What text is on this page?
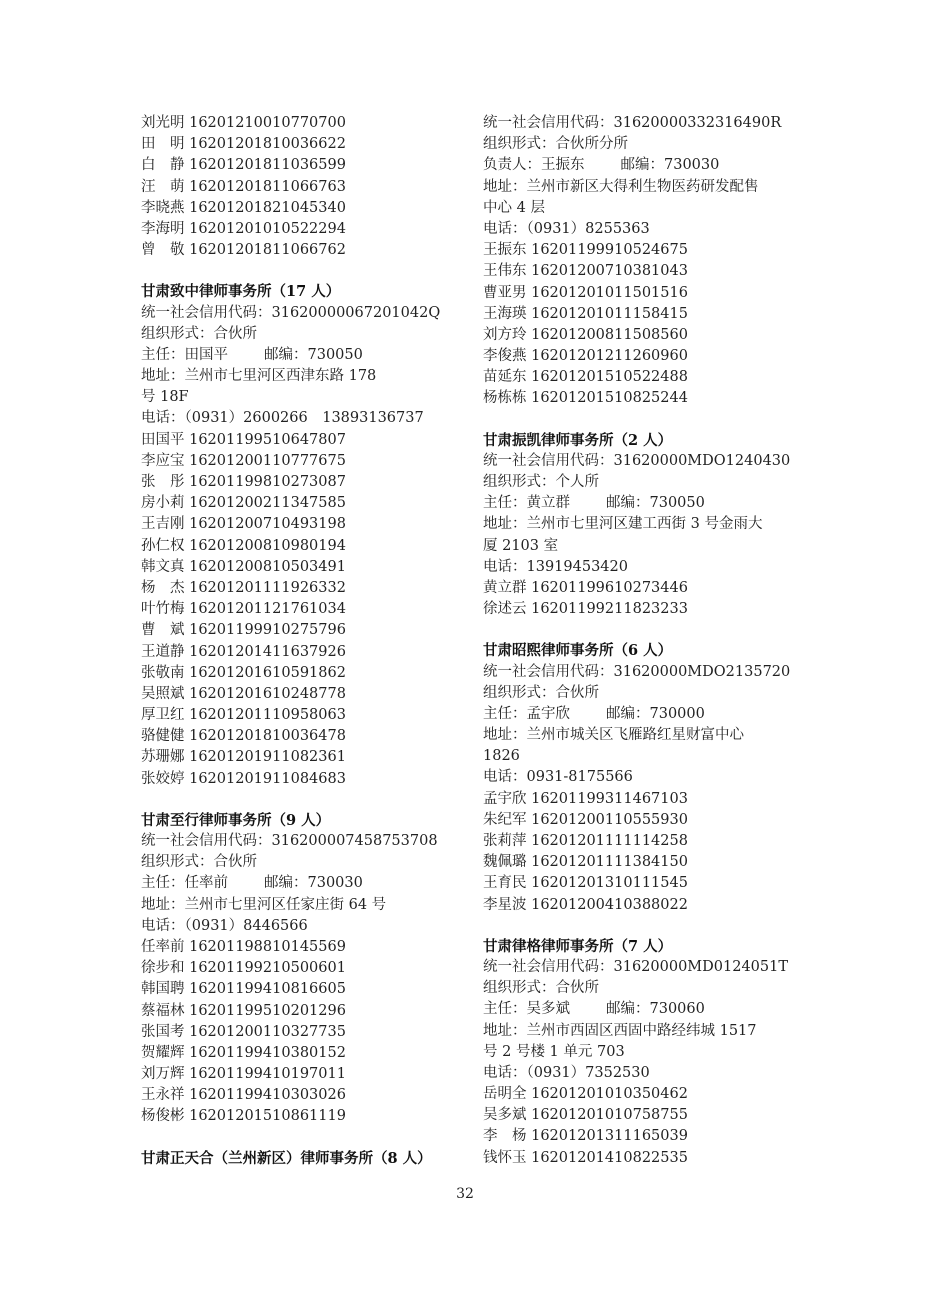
刘光明 16201210010770700
田　明 16201201810036622
白　静 16201201811036599
汪　萌 16201201811066763
李晓燕 16201201821045340
李海明 16201201010522294
曾　敬 16201201811066762
甘肃致中律师事务所（17 人）
统一社会信用代码：31620000067201042Q
组织形式：合伙所
主任：田国平 邮编：730050
地址：兰州市七里河区西津东路 178
号 18F
电话：（0931）2600266　13893136737
田国平 16201199510647807
李应宝 16201200110777675
张　彤 16201199810273087
房小莉 16201200211347585
王吉刚 16201200710493198
孙仁权 16201200810980194
韩文真 16201200810503491
杨　杰 16201201111926332
叶竹梅 16201201121761034
曹　斌 16201199910275796
王道静 16201201411637926
张敬南 16201201610591862
吴照斌 16201201610248778
厚卫红 16201201110958063
骆健健 16201201810036478
苏珊娜 16201201911082361
张姣婷 16201201911084683
甘肃至行律师事务所（9 人）
统一社会信用代码：316200007458753708
组织形式：合伙所
主任：任率前 邮编：730030
地址：兰州市七里河区任家庄街 64 号
电话：（0931）8446566
任率前 16201198810145569
徐步和 16201199210500601
韩国聘 16201199410816605
蔡福林 16201199510201296
张国考 16201200110327735
贺耀辉 16201199410380152
刘万辉 16201199410197011
王永祥 16201199410303026
杨俊彬 16201201510861119
甘肃正天合（兰州新区）律师事务所（8 人）
统一社会信用代码：31620000332316490R
组织形式：合伙所分所
负责人：王振东 邮编：730030
地址：兰州市新区大得利生物医药研发配售
中心 4 层
电话：（0931）8255363
王振东 16201199910524675
王伟东 16201200710381043
曹亚男 16201201011501516
王海瑛 16201201011158415
刘方玲 16201200811508560
李俊燕 16201201211260960
苗延东 16201201510522488
杨栋栋 16201201510825244
甘肃振凯律师事务所（2 人）
统一社会信用代码：31620000MDO1240430
组织形式：个人所
主任：黄立群 邮编：730050
地址：兰州市七里河区建工西街 3 号金雨大
厦 2103 室
电话：13919453420
黄立群 16201199610273446
徐述云 16201199211823233
甘肃昭熙律师事务所（6 人）
统一社会信用代码：31620000MDO2135720
组织形式：合伙所
主任：孟宇欣 邮编：730000
地址：兰州市城关区飞雁路红星财富中心
1826
电话：0931-8175566
孟宇欣 16201199311467103
朱纪军 16201200110555930
张莉萍 16201201111114258
魏佩璐 16201201111384150
王育民 16201201310111545
李星波 16201200410388022
甘肃律格律师事务所（7 人）
统一社会信用代码：31620000MD0124051T
组织形式：合伙所
主任：吴多斌 邮编：730060
地址：兰州市西固区西固中路经纬城 1517
号 2 号楼 1 单元 703
电话：（0931）7352530
岳明全 16201201010350462
吴多斌 16201201010758755
李　杨 16201201311165039
钱怀玉 16201201410822535
32
